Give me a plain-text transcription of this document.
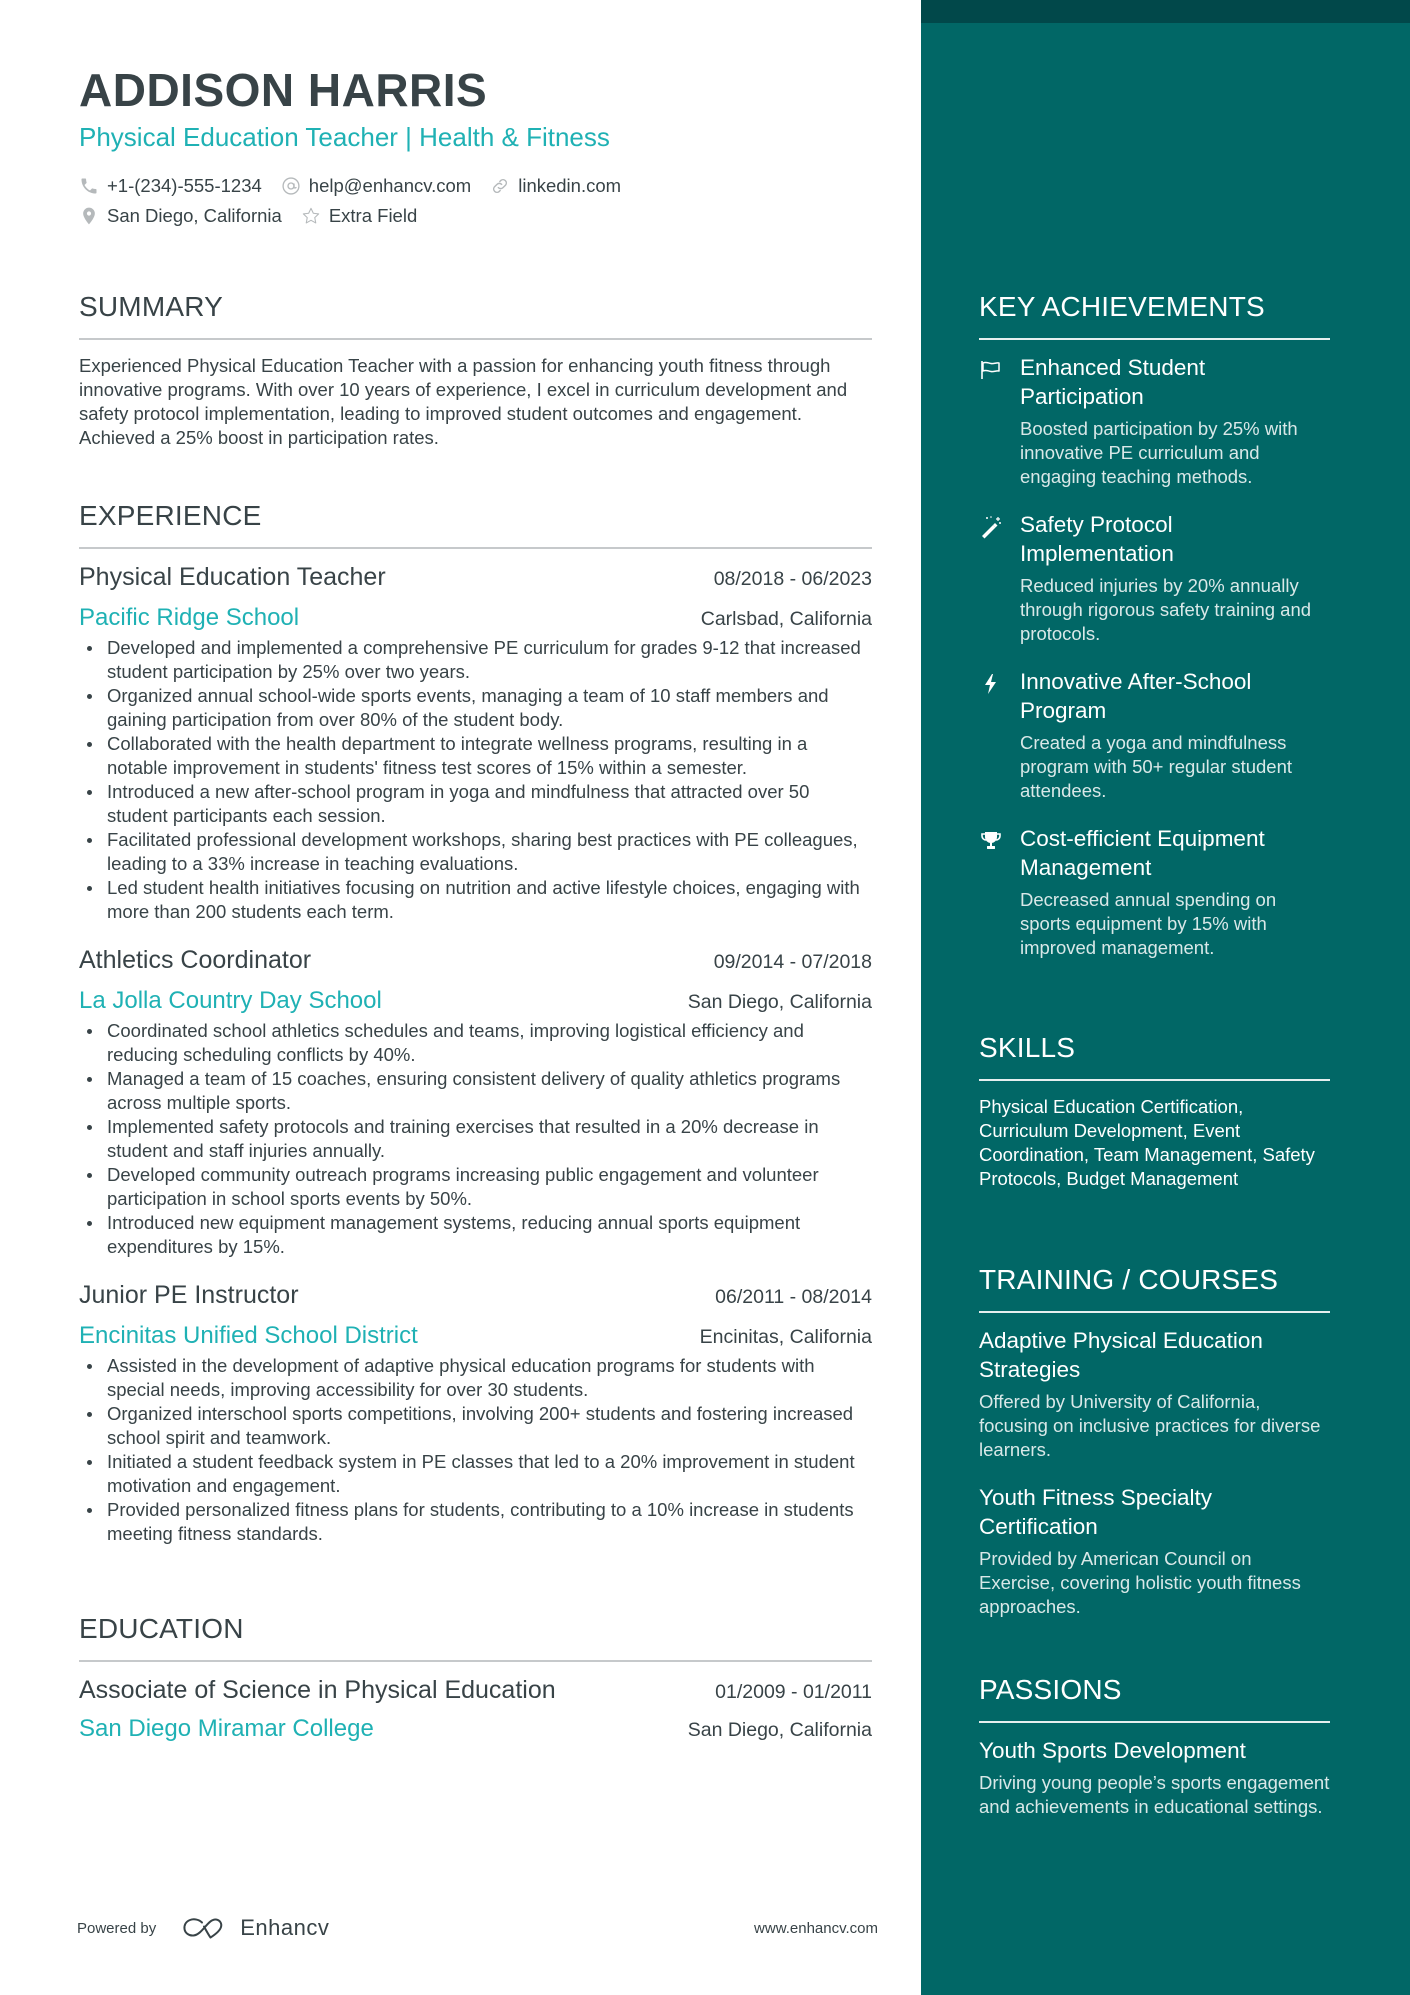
ADDISON HARRIS
Physical Education Teacher | Health & Fitness
+1-(234)-555-1234	help@enhancv.com	linkedin.com
San Diego, California	Extra Field
SUMMARY
Experienced Physical Education Teacher with a passion for enhancing youth fitness through innovative programs. With over 10 years of experience, I excel in curriculum development and safety protocol implementation, leading to improved student outcomes and engagement. Achieved a 25% boost in participation rates.
EXPERIENCE
Physical Education Teacher	08/2018 - 06/2023
Pacific Ridge School	Carlsbad, California
Developed and implemented a comprehensive PE curriculum for grades 9-12 that increased student participation by 25% over two years.
Organized annual school-wide sports events, managing a team of 10 staff members and gaining participation from over 80% of the student body.
Collaborated with the health department to integrate wellness programs, resulting in a notable improvement in students' fitness test scores of 15% within a semester.
Introduced a new after-school program in yoga and mindfulness that attracted over 50 student participants each session.
Facilitated professional development workshops, sharing best practices with PE colleagues, leading to a 33% increase in teaching evaluations.
Led student health initiatives focusing on nutrition and active lifestyle choices, engaging with more than 200 students each term.
Athletics Coordinator	09/2014 - 07/2018
La Jolla Country Day School	San Diego, California
Coordinated school athletics schedules and teams, improving logistical efficiency and reducing scheduling conflicts by 40%.
Managed a team of 15 coaches, ensuring consistent delivery of quality athletics programs across multiple sports.
Implemented safety protocols and training exercises that resulted in a 20% decrease in student and staff injuries annually.
Developed community outreach programs increasing public engagement and volunteer participation in school sports events by 50%.
Introduced new equipment management systems, reducing annual sports equipment expenditures by 15%.
Junior PE Instructor	06/2011 - 08/2014
Encinitas Unified School District	Encinitas, California
Assisted in the development of adaptive physical education programs for students with special needs, improving accessibility for over 30 students.
Organized interschool sports competitions, involving 200+ students and fostering increased school spirit and teamwork.
Initiated a student feedback system in PE classes that led to a 20% improvement in student motivation and engagement.
Provided personalized fitness plans for students, contributing to a 10% increase in students meeting fitness standards.
EDUCATION
Associate of Science in Physical Education	01/2009 - 01/2011
San Diego Miramar College	San Diego, California
Powered by	Enhancv	www.enhancv.com
KEY ACHIEVEMENTS
Enhanced Student Participation
Boosted participation by 25% with innovative PE curriculum and engaging teaching methods.
Safety Protocol Implementation
Reduced injuries by 20% annually through rigorous safety training and protocols.
Innovative After-School Program
Created a yoga and mindfulness program with 50+ regular student attendees.
Cost-efficient Equipment Management
Decreased annual spending on sports equipment by 15% with improved management.
SKILLS
Physical Education Certification, Curriculum Development, Event Coordination, Team Management, Safety Protocols, Budget Management
TRAINING / COURSES
Adaptive Physical Education Strategies
Offered by University of California, focusing on inclusive practices for diverse learners.
Youth Fitness Specialty Certification
Provided by American Council on Exercise, covering holistic youth fitness approaches.
PASSIONS
Youth Sports Development
Driving young people’s sports engagement and achievements in educational settings.
